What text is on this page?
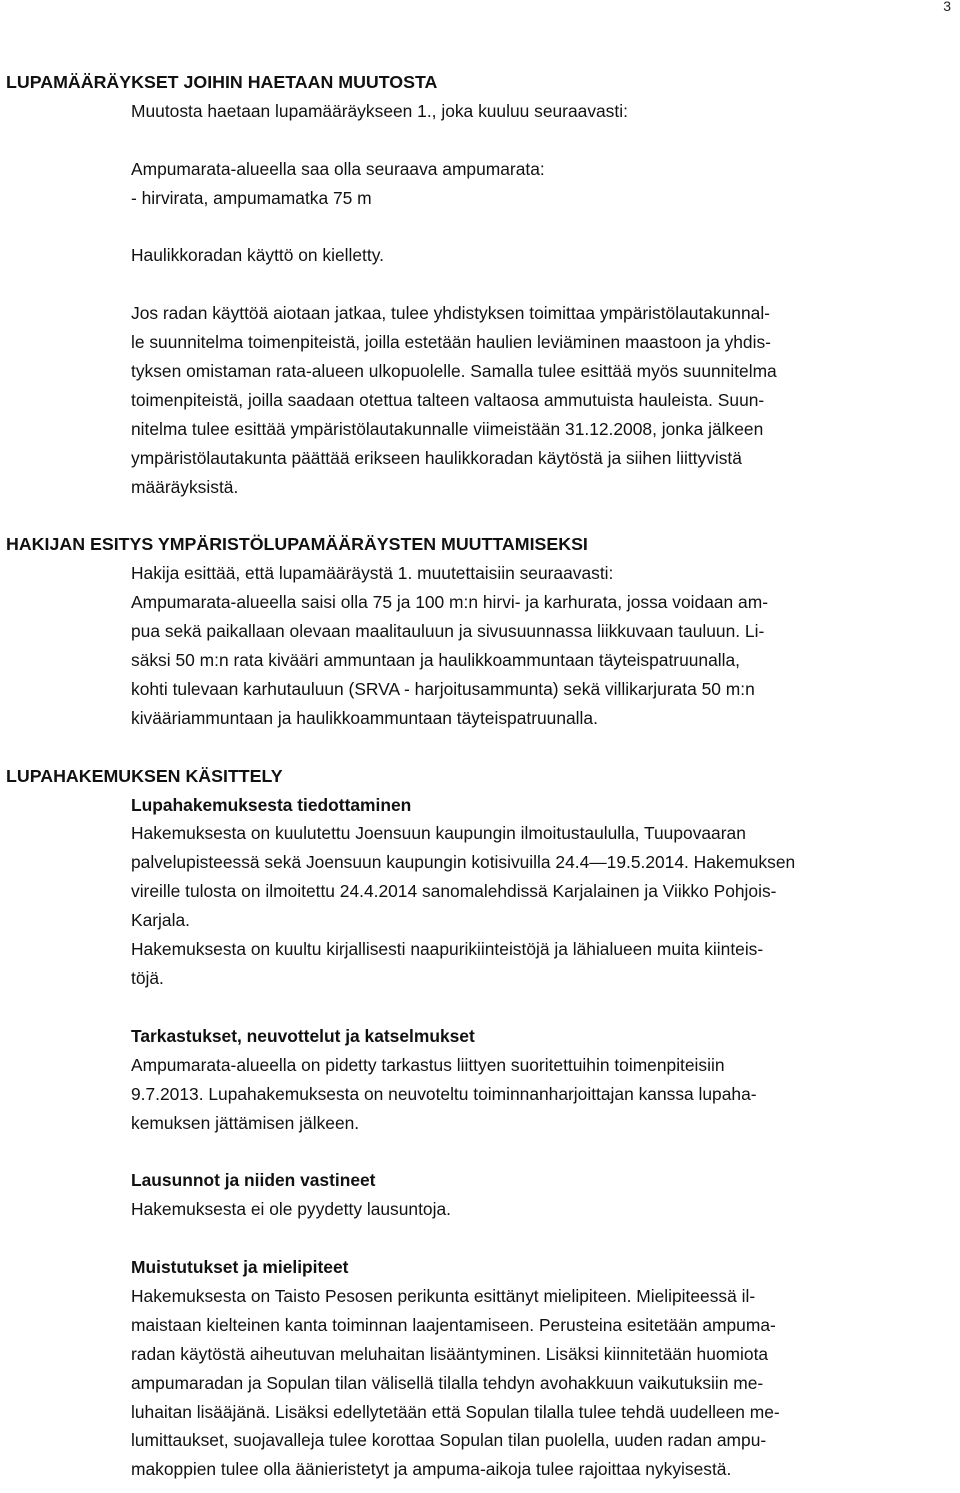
3
LUPAMÄÄRÄYKSET JOIHIN HAETAAN MUUTOSTA

Muutosta haetaan lupamääräykseen 1., joka kuuluu seuraavasti:

Ampumarata-alueella saa olla seuraava ampumarata:

- hirvirata, ampumamatka 75 m

Haulikkoradan käyttö on kielletty.

Jos radan käyttöä aiotaan jatkaa, tulee yhdistyksen toimittaa ympäristölautakunnal-
le suunnitelma toimenpiteistä, joilla estetään haulien leviäminen maastoon ja yhdis-
tyksen omistaman rata-alueen ulkopuolelle. Samalla tulee esittää myös suunnitelma
toimenpiteistä, joilla saadaan otettua talteen valtaosa ammutuista hauleista. Suun-
nitelma tulee esittää ympäristölautakunnalle viimeistään 31.12.2008, jonka jälkeen
ympäristölautakunta päättää erikseen haulikkoradan käytöstä ja siihen liittyvistä
määräyksistä.
HAKIJAN ESITYS YMPÄRISTÖLUPAMÄÄRÄYSTEN MUUTTAMISEKSI

Hakija esittää, että lupamääräystä 1. muutettaisiin seuraavasti:

Ampumarata-alueella saisi olla 75 ja 100 m:n hirvi- ja karhurata, jossa voidaan am-
pua sekä paikallaan olevaan maalitauluun ja sivusuunnassa liikkuvaan tauluun. Li-
säksi 50 m:n rata kivääri ammuntaan ja haulikkoammuntaan täyteispatruunalla,
kohti tulevaan karhutauluun (SRVA - harjoitusammunta) sekä villikarjurata 50 m:n
kivääriammuntaan ja haulikkoammuntaan täyteispatruunalla.
LUPAHAKEMUKSEN KÄSITTELY

Lupahakemuksesta tiedottaminen

Hakemuksesta on kuulutettu Joensuun kaupungin ilmoitustaululla, Tuupovaaran
palvelupisteessä sekä Joensuun kaupungin kotisivuilla 24.4—19.5.2014. Hakemuksen
vireille tulosta on ilmoitettu 24.4.2014 sanomalehdissä Karjalainen ja Viikko Pohjois-
Karjala.
Hakemuksesta on kuultu kirjallisesti naapurikiinteistöjä ja lähialueen muita kiinteis-
töjä.

Tarkastukset, neuvottelut ja katselmukset

Ampumarata-alueella on pidetty tarkastus liittyen suoritettuihin toimenpiteisiin
9.7.2013. Lupahakemuksesta on neuvoteltu toiminnanharjoittajan kanssa lupaha-
kemuksen jättämisen jälkeen.

Lausunnot ja niiden vastineet

Hakemuksesta ei ole pyydetty lausuntoja.

Muistutukset ja mielipiteet

Hakemuksesta on Taisto Pesosen perikunta esittänyt mielipiteen. Mielipiteessä il-
maistaan kielteinen kanta toiminnan laajentamiseen. Perusteina esitetään ampuma-
radan käytöstä aiheutuvan meluhaitan lisääntyminen. Lisäksi kiinnitetään huomiota
ampumaradan ja Sopulan tilan välisellä tilalla tehdyn avohakkuun vaikutuksiin me-
luhaitan lisääjänä. Lisäksi edellytetään että Sopulan tilalla tulee tehdä uudelleen me-
lumittaukset, suojavalleja tulee korottaa Sopulan tilan puolella, uuden radan ampu-
makoppien tulee olla äänieristetyt ja ampuma-aikoja tulee rajoittaa nykyisestä.
